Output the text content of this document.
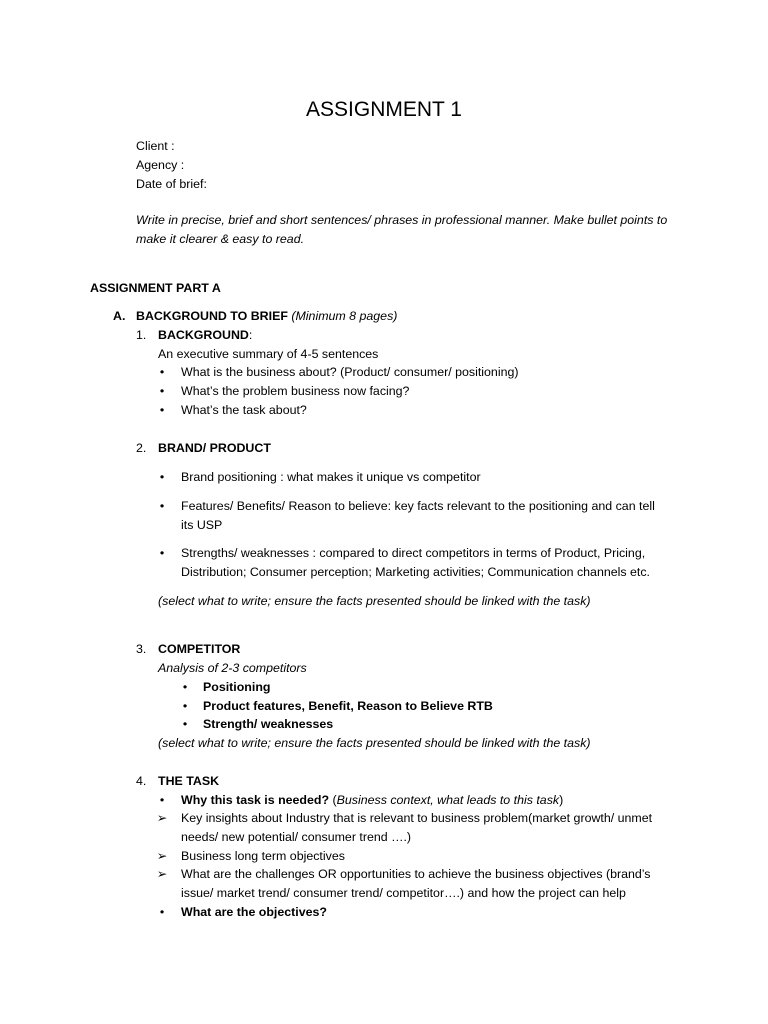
ASSIGNMENT 1
Client :
Agency :
Date of brief:
Write in precise, brief and short sentences/ phrases in professional manner. Make bullet points to
make it clearer & easy to read.
ASSIGNMENT PART A
A. BACKGROUND TO BRIEF (Minimum 8 pages)
1. BACKGROUND:
An executive summary of 4-5 sentences
•	What is the business about? (Product/ consumer/ positioning)
•	What’s the problem business now facing?
•	What’s the task about?
2. BRAND/ PRODUCT
•	Brand positioning : what makes it unique vs competitor
•	Features/ Benefits/ Reason to believe: key facts relevant to the positioning and can tell
its USP
•	Strengths/ weaknesses : compared to direct competitors in terms of Product, Pricing,
Distribution; Consumer perception; Marketing activities; Communication channels etc.
(select what to write; ensure the facts presented should be linked with the task)
3. COMPETITOR
Analysis of 2-3 competitors
•	Positioning
•	Product features, Benefit, Reason to Believe RTB
•	Strength/ weaknesses
(select what to write; ensure the facts presented should be linked with the task)
4. THE TASK
•	Why this task is needed? (Business context, what leads to this task)
➢ Key insights about Industry that is relevant to business problem(market growth/ unmet
needs/ new potential/ consumer trend ….)
➢ Business long term objectives
➢ What are the challenges OR opportunities to achieve the business objectives (brand’s
issue/ market trend/ consumer trend/ competitor….) and how the project can help
•	What are the objectives?
